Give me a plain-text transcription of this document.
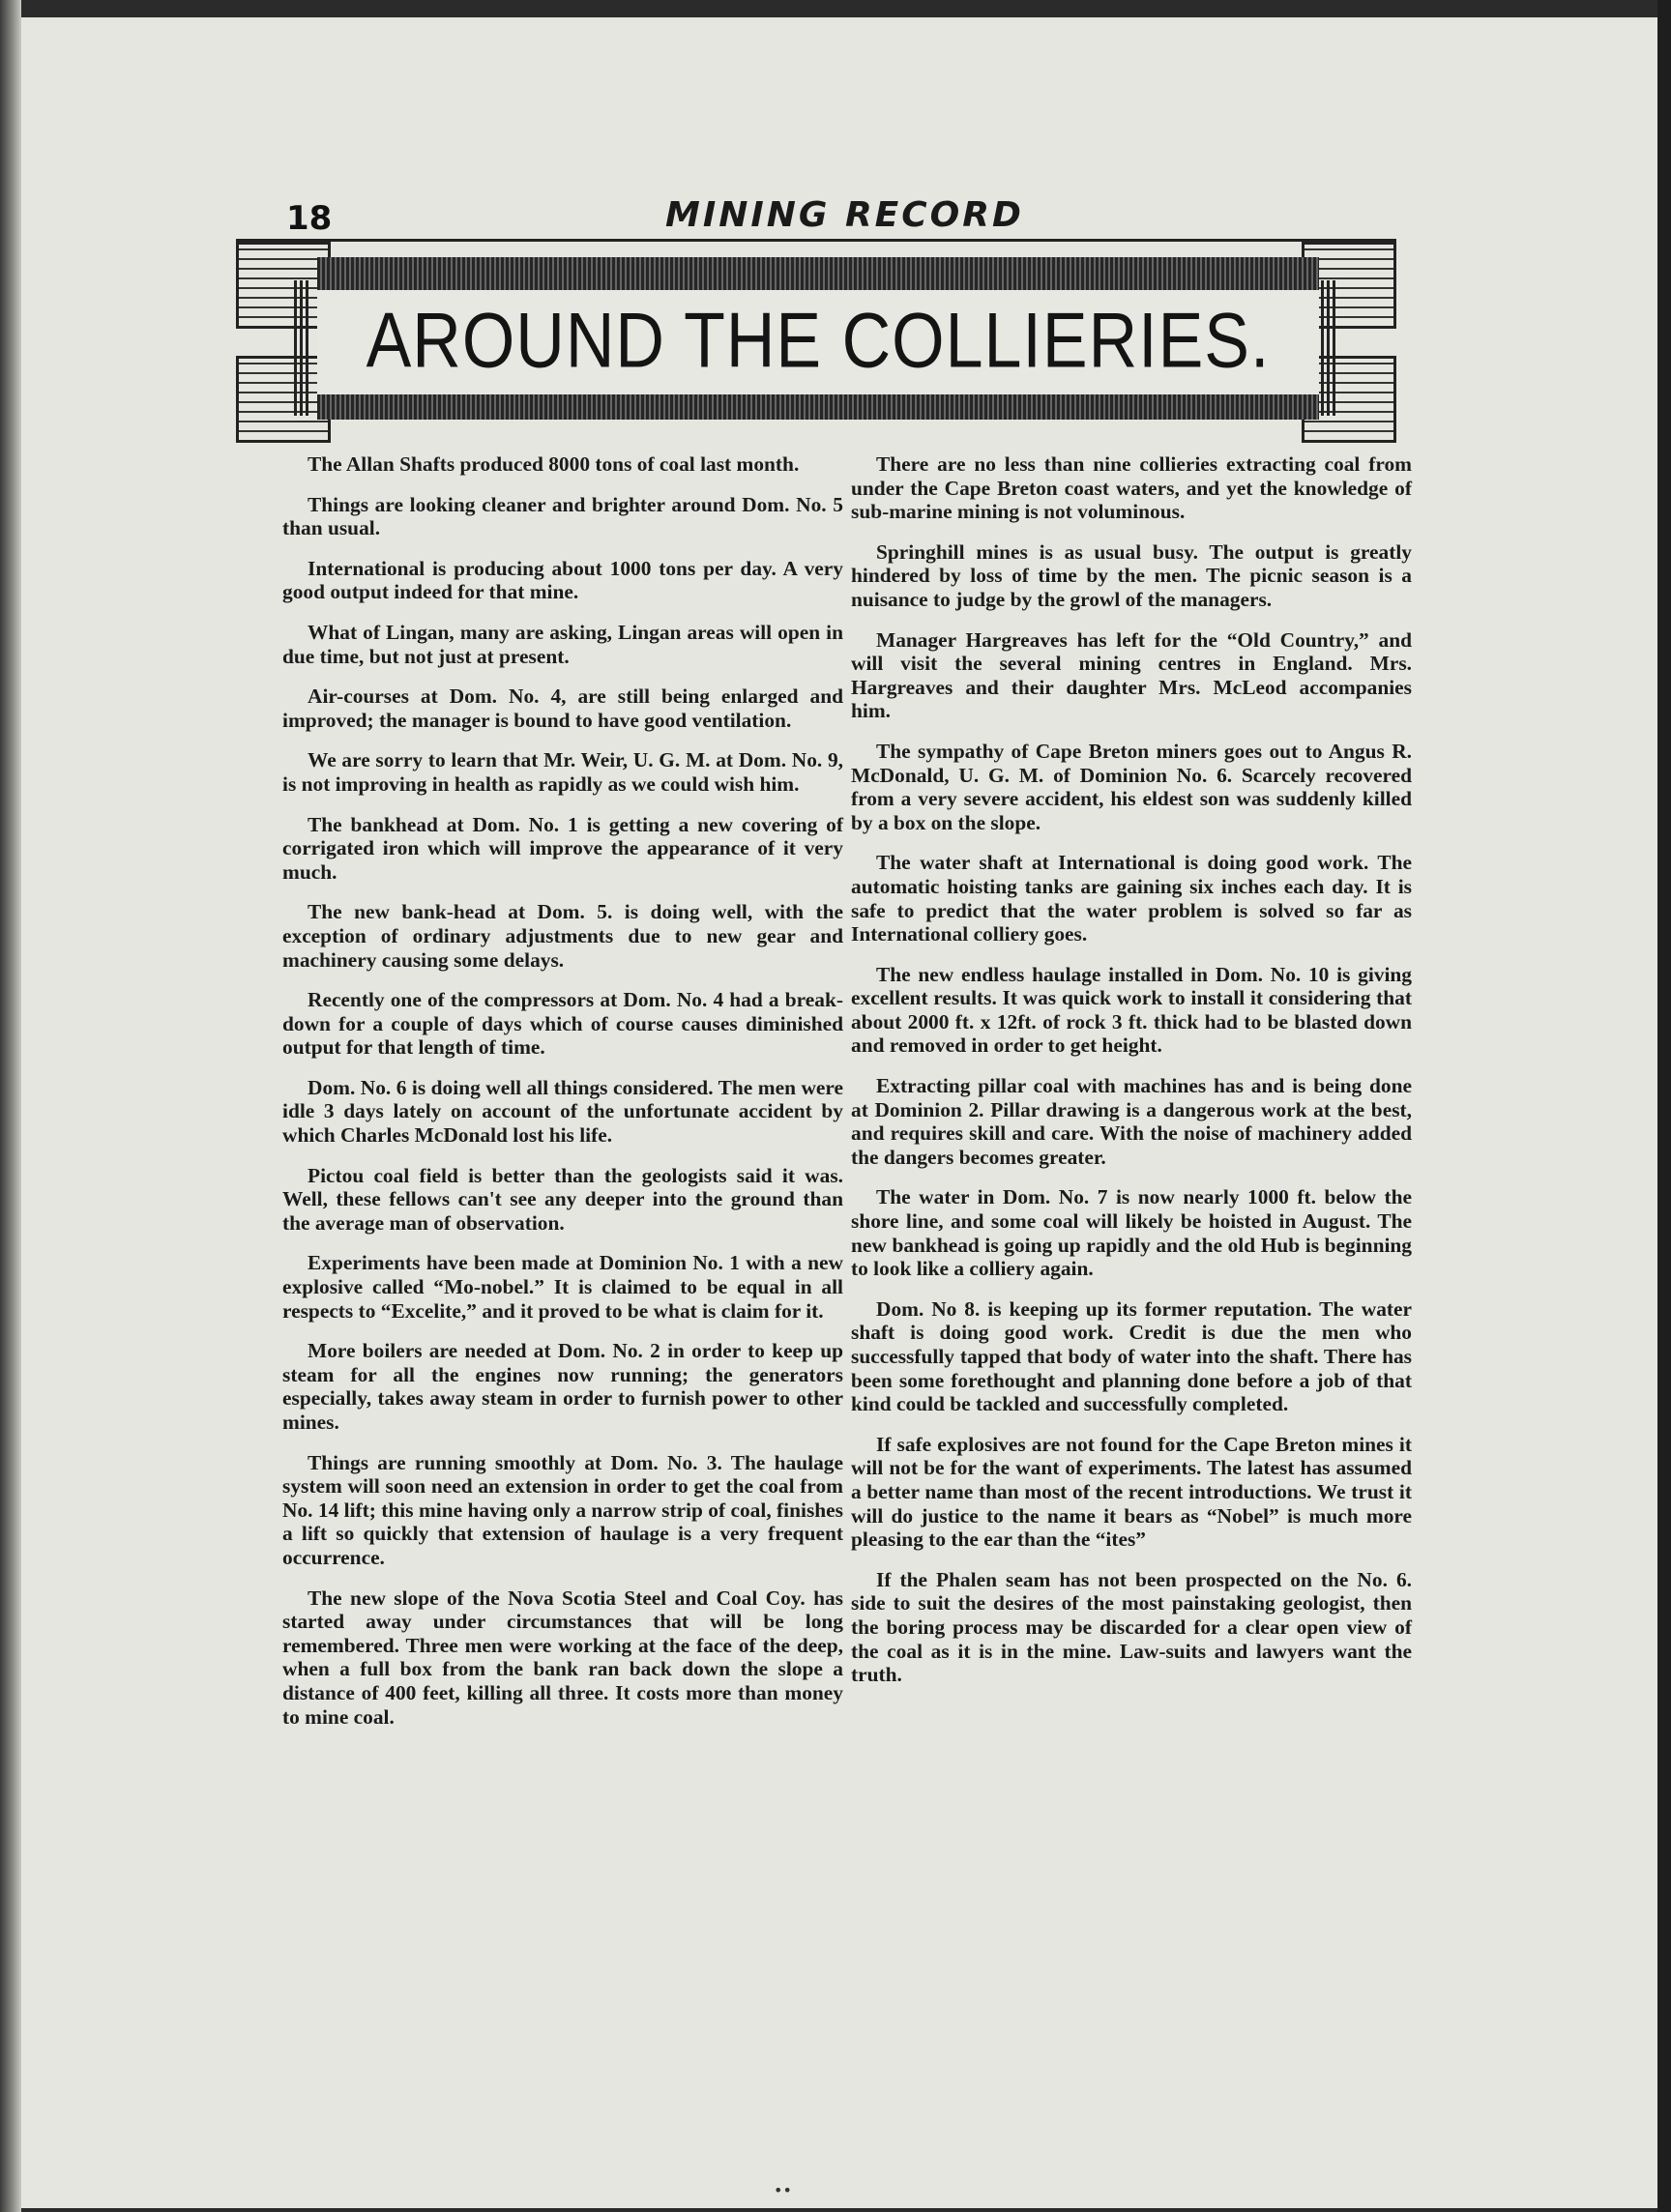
18	MINING RECORD
AROUND THE COLLIERIES.

The Allan Shafts produced 8000 tons of coal last month.

Things are looking cleaner and brighter around Dom. No. 5 than usual.

International is producing about 1000 tons per day. A very good output indeed for that mine.

What of Lingan, many are asking, Lingan areas will open in due time, but not just at present.

Air-courses at Dom. No. 4, are still being enlarged and improved; the manager is bound to have good ventilation.

We are sorry to learn that Mr. Weir, U. G. M. at Dom. No. 9, is not improving in health as rapidly as we could wish him.

The bankhead at Dom. No. 1 is getting a new covering of corrigated iron which will improve the appearance of it very much.

The new bank-head at Dom. 5. is doing well, with the exception of ordinary adjustments due to new gear and machinery causing some delays.

Recently one of the compressors at Dom. No. 4 had a break-down for a couple of days which of course causes diminished output for that length of time.

Dom. No. 6 is doing well all things considered. The men were idle 3 days lately on account of the unfortunate accident by which Charles McDonald lost his life.

Pictou coal field is better than the geologists said it was. Well, these fellows can't see any deeper into the ground than the average man of observation.

Experiments have been made at Dominion No. 1 with a new explosive called “Mo-nobel.” It is claimed to be equal in all respects to “Excelite,” and it proved to be what is claim for it.

More boilers are needed at Dom. No. 2 in order to keep up steam for all the engines now running; the generators especially, takes away steam in order to furnish power to other mines.

Things are running smoothly at Dom. No. 3. The haulage system will soon need an extension in order to get the coal from No. 14 lift; this mine having only a narrow strip of coal, finishes a lift so quickly that extension of haulage is a very frequent occurrence.

The new slope of the Nova Scotia Steel and Coal Coy. has started away under circumstances that will be long remembered. Three men were working at the face of the deep, when a full box from the bank ran back down the slope a distance of 400 feet, killing all three. It costs more than money to mine coal.

There are no less than nine collieries extracting coal from under the Cape Breton coast waters, and yet the knowledge of sub-marine mining is not voluminous.

Springhill mines is as usual busy. The output is greatly hindered by loss of time by the men. The picnic season is a nuisance to judge by the growl of the managers.

Manager Hargreaves has left for the “Old Country,” and will visit the several mining centres in England. Mrs. Hargreaves and their daughter Mrs. McLeod accompanies him.

The sympathy of Cape Breton miners goes out to Angus R. McDonald, U. G. M. of Dominion No. 6. Scarcely recovered from a very severe accident, his eldest son was suddenly killed by a box on the slope.

The water shaft at International is doing good work. The automatic hoisting tanks are gaining six inches each day. It is safe to predict that the water problem is solved so far as International colliery goes.

The new endless haulage installed in Dom. No. 10 is giving excellent results. It was quick work to install it considering that about 2000 ft. x 12ft. of rock 3 ft. thick had to be blasted down and removed in order to get height.

Extracting pillar coal with machines has and is being done at Dominion 2. Pillar drawing is a dangerous work at the best, and requires skill and care. With the noise of machinery added the dangers becomes greater.

The water in Dom. No. 7 is now nearly 1000 ft. below the shore line, and some coal will likely be hoisted in August. The new bankhead is going up rapidly and the old Hub is beginning to look like a colliery again.

Dom. No 8. is keeping up its former reputation. The water shaft is doing good work. Credit is due the men who successfully tapped that body of water into the shaft. There has been some forethought and planning done before a job of that kind could be tackled and successfully completed.

If safe explosives are not found for the Cape Breton mines it will not be for the want of experiments. The latest has assumed a better name than most of the recent introductions. We trust it will do justice to the name it bears as “Nobel” is much more pleasing to the ear than the “ites”

If the Phalen seam has not been prospected on the No. 6. side to suit the desires of the most painstaking geologist, then the boring process may be discarded for a clear open view of the coal as it is in the mine. Law-suits and lawyers want the truth.

••
